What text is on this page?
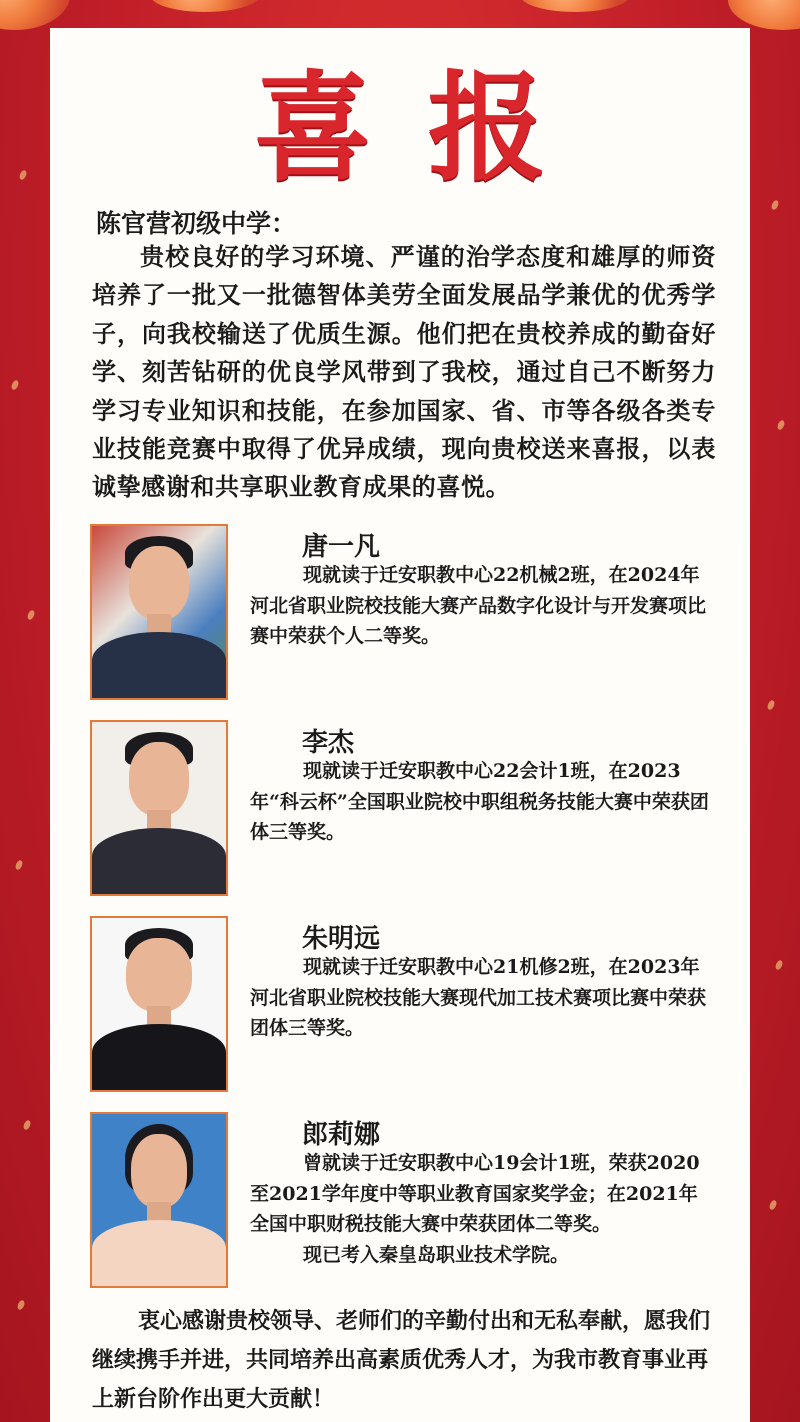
喜报
陈官营初级中学：
贵校良好的学习环境、严谨的治学态度和雄厚的师资培养了一批又一批德智体美劳全面发展品学兼优的优秀学子，向我校输送了优质生源。他们把在贵校养成的勤奋好学、刻苦钻研的优良学风带到了我校，通过自己不断努力学习专业知识和技能，在参加国家、省、市等各级各类专业技能竞赛中取得了优异成绩，现向贵校送来喜报，以表诚挚感谢和共享职业教育成果的喜悦。
唐一凡

现就读于迁安职教中心22机械2班，在2024年河北省职业院校技能大赛产品数字化设计与开发赛项比赛中荣获个人二等奖。

李杰

现就读于迁安职教中心22会计1班，在2023年“科云杯”全国职业院校中职组税务技能大赛中荣获团体三等奖。

朱明远

现就读于迁安职教中心21机修2班，在2023年河北省职业院校技能大赛现代加工技术赛项比赛中荣获团体三等奖。

郎莉娜

曾就读于迁安职教中心19会计1班，荣获2020至2021学年度中等职业教育国家奖学金；在2021年全国中职财税技能大赛中荣获团体二等奖。

现已考入秦皇岛职业技术学院。

衷心感谢贵校领导、老师们的辛勤付出和无私奉献，愿我们继续携手并进，共同培养出高素质优秀人才，为我市教育事业再上新台阶作出更大贡献！
